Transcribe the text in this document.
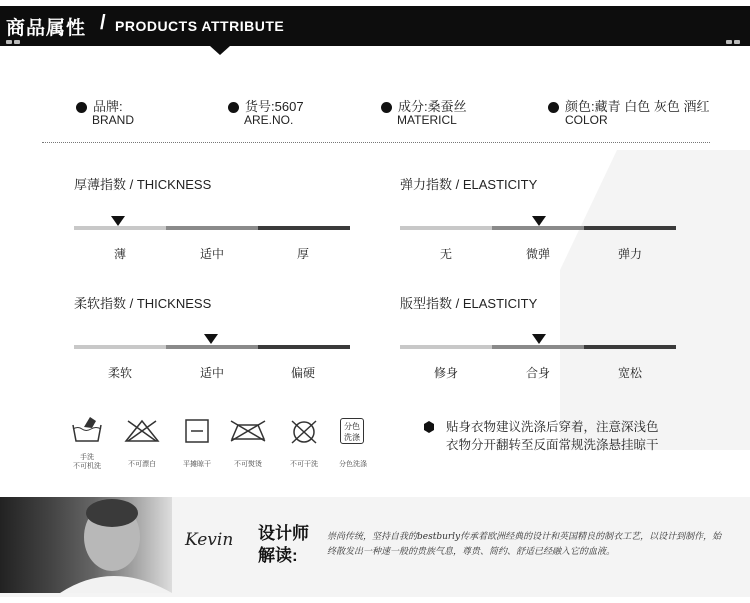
商品属性 / PRODUCTS ATTRIBUTE
品牌:
BRAND
货号:5607
ARE.NO.
成分:桑蚕丝
MATERICL
颜色:藏青 白色 灰色 酒红
COLOR
厚薄指数 / THICKNESS
薄	适中	厚
弹力指数 / ELASTICITY
无	微弹	弹力
柔软指数 / THICKNESS
柔软	适中	偏硬
版型指数 / ELASTICITY
修身	合身	宽松
手洗
不可机洗	不可漂白	平摊晾干	不可熨烫	不可干洗
分色
洗涤
分色洗涤
贴身衣物建议洗涤后穿着，注意深浅色
衣物分开翻转至反面常规洗涤悬挂晾干
Kevin 设计师
解读:
崇尚传统，坚持自我的bestburly传承着欧洲经典的设计和英国精良的制衣工艺，以设计到制作，始终散发出一种速一般的贵族气息，尊贵、简约、舒适已经融入它的血液。
